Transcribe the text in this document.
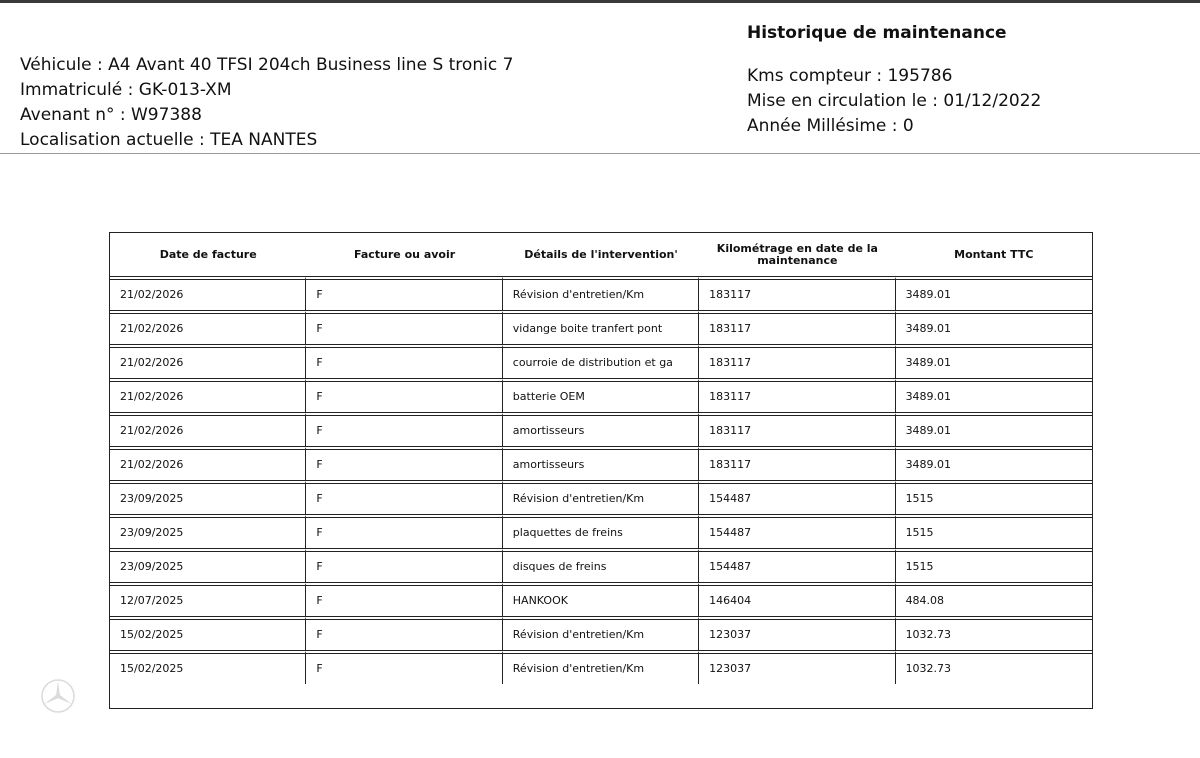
Véhicule : A4 Avant 40 TFSI 204ch Business line S tronic 7
Immatriculé : GK-013-XM
Avenant n° : W97388
Localisation actuelle : TEA NANTES
Historique de maintenance
Kms compteur : 195786
Mise en circulation le : 01/12/2022
Année Millésime : 0
Date de facture	Facture ou avoir	Détails de l'intervention'	Kilométrage en date de la maintenance	Montant TTC
21/02/2026	F	Révision d'entretien/Km	183117	3489.01
21/02/2026	F	vidange boite tranfert pont	183117	3489.01
21/02/2026	F	courroie de distribution et ga	183117	3489.01
21/02/2026	F	batterie OEM	183117	3489.01
21/02/2026	F	amortisseurs	183117	3489.01
21/02/2026	F	amortisseurs	183117	3489.01
23/09/2025	F	Révision d'entretien/Km	154487	1515
23/09/2025	F	plaquettes de freins	154487	1515
23/09/2025	F	disques de freins	154487	1515
12/07/2025	F	HANKOOK	146404	484.08
15/02/2025	F	Révision d'entretien/Km	123037	1032.73
15/02/2025	F	Révision d'entretien/Km	123037	1032.73
